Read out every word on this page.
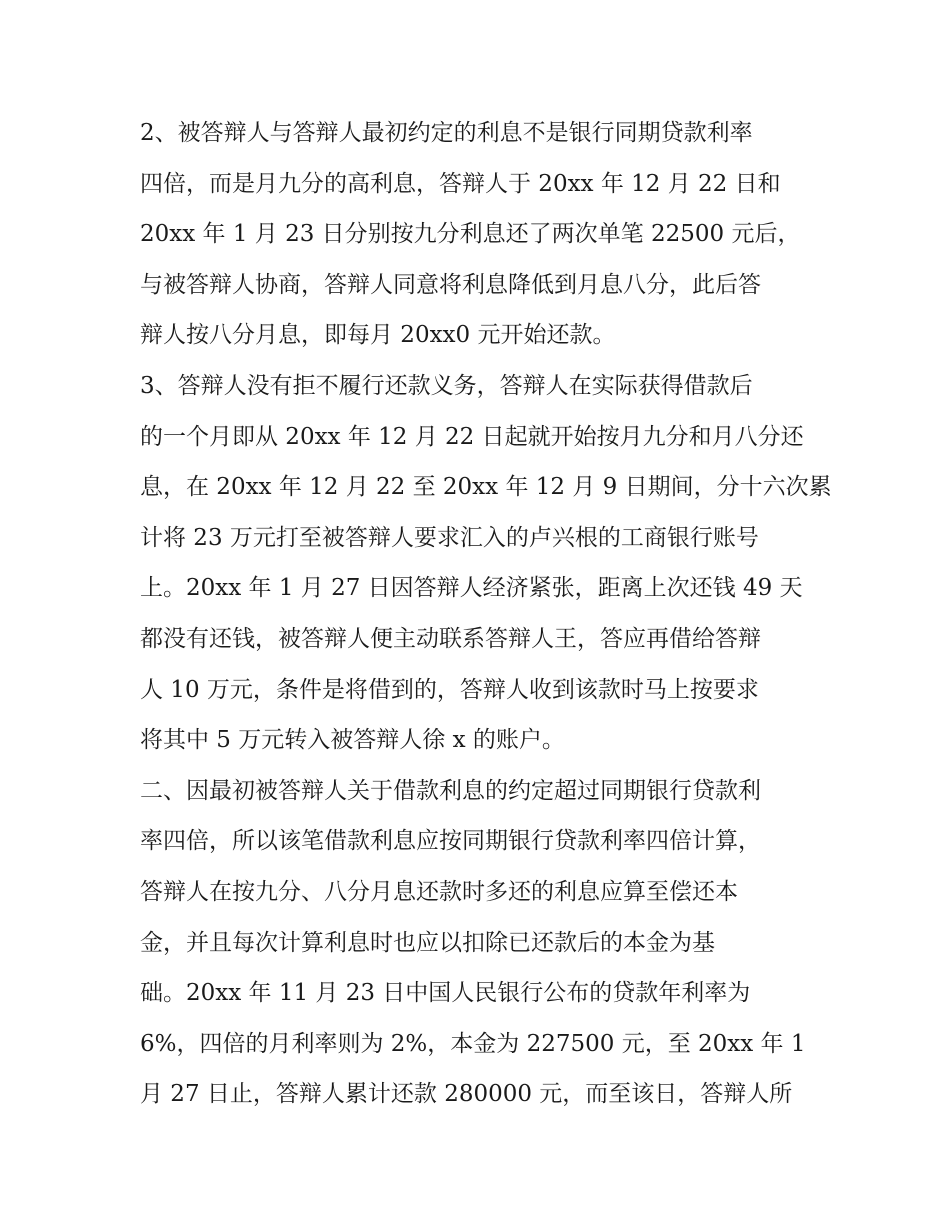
2、被答辩人与答辩人最初约定的利息不是银行同期贷款利率
四倍，而是月九分的高利息，答辩人于 20xx 年 12 月 22 日和
20xx 年 1 月 23 日分别按九分利息还了两次单笔 22500 元后，
与被答辩人协商，答辩人同意将利息降低到月息八分，此后答
辩人按八分月息，即每月 20xx0 元开始还款。
3、答辩人没有拒不履行还款义务，答辩人在实际获得借款后
的一个月即从 20xx 年 12 月 22 日起就开始按月九分和月八分还
息，在 20xx 年 12 月 22 至 20xx 年 12 月 9 日期间，分十六次累
计将 23 万元打至被答辩人要求汇入的卢兴根的工商银行账号
上。20xx 年 1 月 27 日因答辩人经济紧张，距离上次还钱 49 天
都没有还钱，被答辩人便主动联系答辩人王，答应再借给答辩
人 10 万元，条件是将借到的，答辩人收到该款时马上按要求
将其中 5 万元转入被答辩人徐 x 的账户。
二、因最初被答辩人关于借款利息的约定超过同期银行贷款利
率四倍，所以该笔借款利息应按同期银行贷款利率四倍计算，
答辩人在按九分、八分月息还款时多还的利息应算至偿还本
金，并且每次计算利息时也应以扣除已还款后的本金为基
础。20xx 年 11 月 23 日中国人民银行公布的贷款年利率为
6%，四倍的月利率则为 2%，本金为 227500 元，至 20xx 年 1
月 27 日止，答辩人累计还款 280000 元，而至该日，答辩人所
